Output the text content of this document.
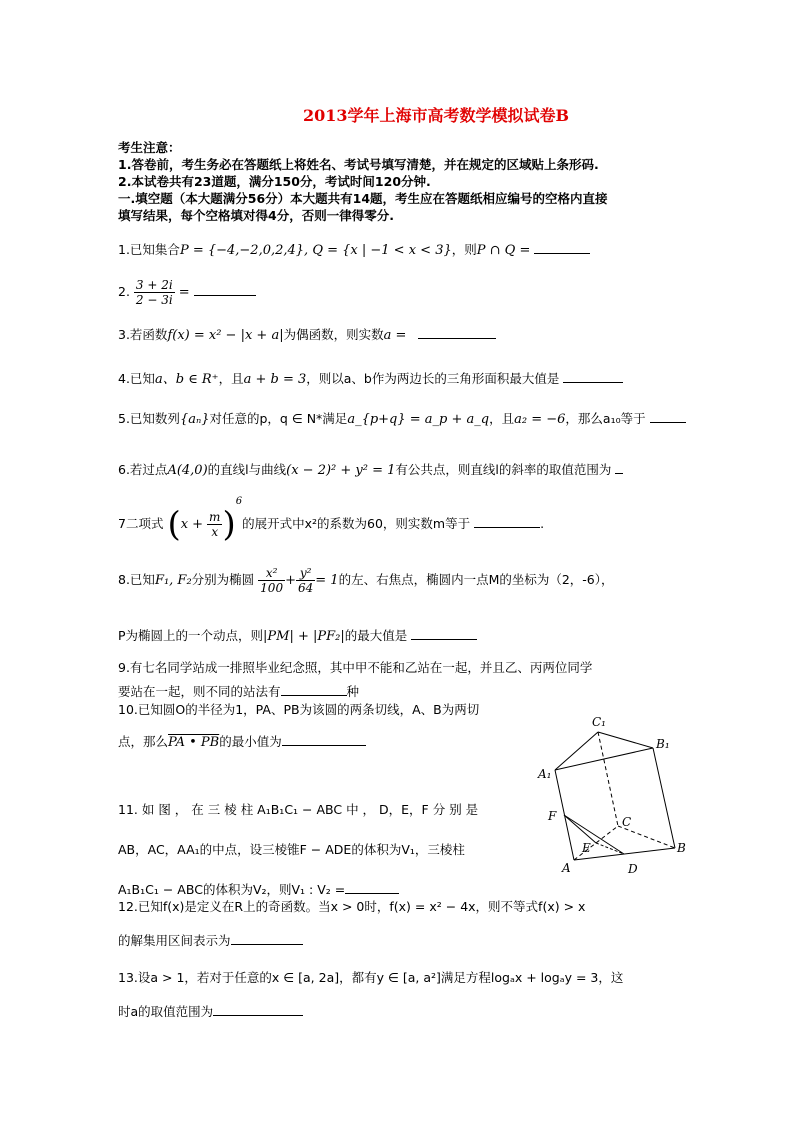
2013学年上海市高考数学模拟试卷B
考生注意：
1.答卷前，考生务必在答题纸上将姓名、考试号填写清楚，并在规定的区域贴上条形码.
2.本试卷共有23道题，满分150分，考试时间120分钟.
一.填空题（本大题满分56分）本大题共有14题，考生应在答题纸相应编号的空格内直接
填写结果，每个空格填对得4分，否则一律得零分.
1.已知集合P = {−4,−2,0,2,4}, Q = {x | −1 < x < 3}，则P ∩ Q =
2. $\frac{3 + 2i}{2 - 3i}$ =
3.若函数f(x) = x² − |x + a|为偶函数，则实数a =
4.已知a、b ∈ R⁺，且a + b = 3，则以a、b作为两边长的三角形面积最大值是
5.已知数列{aₙ}对任意的p，q ∈ N*满足a_{p+q} = a_p + a_q，且a₂ = −6，那么a₁₀等于
6.若过点A(4,0)的直线l与曲线(x − 2)² + y² = 1有公共点，则直线l的斜率的取值范围为
7二项式 $(x + \frac{m}{x} )^6$的展开式中x²的系数为60，则实数m等于	.
8.已知F₁, F₂分别为椭圆 $\frac{\text{x²}}{100} + \frac{\text{y²}}{64} = 1$的左、右焦点，椭圆内一点M的坐标为（2，-6），
P为椭圆上的一个动点，则|PM| + |PF₂|的最大值是
9.有七名同学站成一排照毕业纪念照，其中甲不能和乙站在一起，并且乙、丙两位同学
要站在一起，则不同的站法有	种
10.已知圆O的半径为1，PA、PB为该圆的两条切线，A、B为两切
点，那么PA • PB的最小值为
11. 如 图 ， 在 三 棱 柱 A₁B₁C₁ − ABC 中 ， D，E，F 分 别 是
AB，AC，AA₁的中点，设三棱锥F − ADE的体积为V₁，三棱柱
A₁B₁C₁ − ABC的体积为V₂，则V₁ : V₂ =
12.已知f(x)是定义在R上的奇函数。当x > 0时，f(x) = x² − 4x，则不等式f(x) > x
的解集用区间表示为
13.设a > 1，若对于任意的x ∈ [a, 2a]，都有y ∈ [a, a²]满足方程logₐx + logₐy = 3，这
时a的取值范围为
A₁
C₁
B₁
F	C
E	B
A	D
